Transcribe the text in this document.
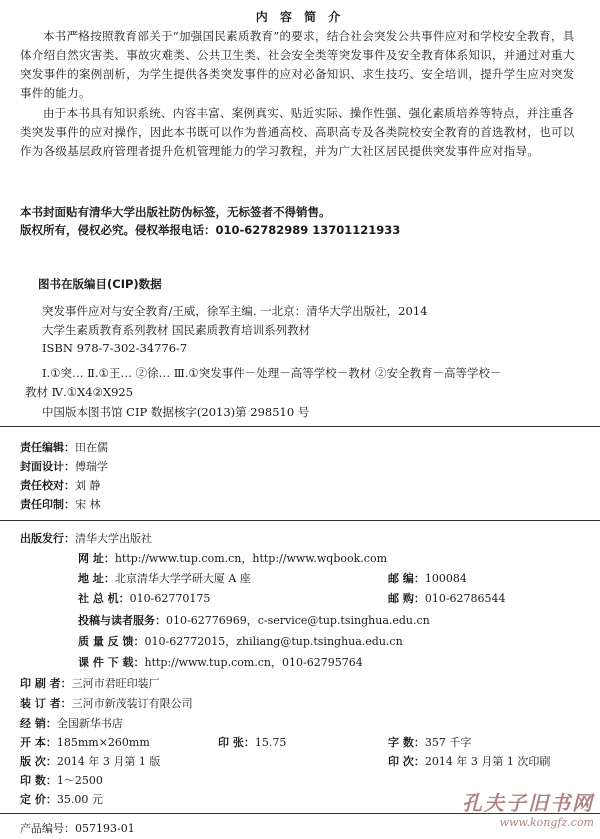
内 容 简 介
本书严格按照教育部关于“加强国民素质教育”的要求，结合社会突发公共事件应对和学校安全教育，具体介绍自然灾害类、事故灾难类、公共卫生类、社会安全类等突发事件及安全教育体系知识，并通过对重大突发事件的案例剖析，为学生提供各类突发事件的应对必备知识、求生技巧、安全培训，提升学生应对突发事件的能力。
由于本书具有知识系统、内容丰富、案例真实、贴近实际、操作性强、强化素质培养等特点，并注重各类突发事件的应对操作，因此本书既可以作为普通高校、高职高专及各类院校安全教育的首选教材，也可以作为各级基层政府管理者提升危机管理能力的学习教程，并为广大社区居民提供突发事件应对指导。
本书封面贴有清华大学出版社防伪标签，无标签者不得销售。
版权所有，侵权必究。侵权举报电话：010-62782989 13701121933
图书在版编目(CIP)数据
突发事件应对与安全教育/王威，徐军主编. 一北京：清华大学出版社，2014
大学生素质教育系列教材 国民素质教育培训系列教材
ISBN 978-7-302-34776-7
Ⅰ.①突… Ⅱ.①王… ②徐… Ⅲ.①突发事件－处理－高等学校－教材 ②安全教育－高等学校－
教材 Ⅳ.①X4②X925
中国版本图书馆 CIP 数据核字(2013)第 298510 号
责任编辑：田在儒
封面设计：傅瑞学
责任校对：刘 静
责任印制：宋 林
出版发行：清华大学出版社
网 址：http://www.tup.com.cn，http://www.wqbook.com
地 址：北京清华大学学研大厦 A 座	邮 编：100084
社 总 机：010-62770175	邮 购：010-62786544
投稿与读者服务：010-62776969，c-service@tup.tsinghua.edu.cn
质 量 反 馈：010-62772015，zhiliang@tup.tsinghua.edu.cn
课 件 下 载：http://www.tup.com.cn，010-62795764
印 刷 者：三河市君旺印装厂
装 订 者：三河市新茂装订有限公司
经 销：全国新华书店
开 本：185mm×260mm	印 张：15.75	字 数：357 千字
版 次：2014 年 3 月第 1 版	印 次：2014 年 3 月第 1 次印刷
印 数：1～2500
定 价：35.00 元
产品编号：057193-01
孔夫子旧书网
www.kongfz.com
